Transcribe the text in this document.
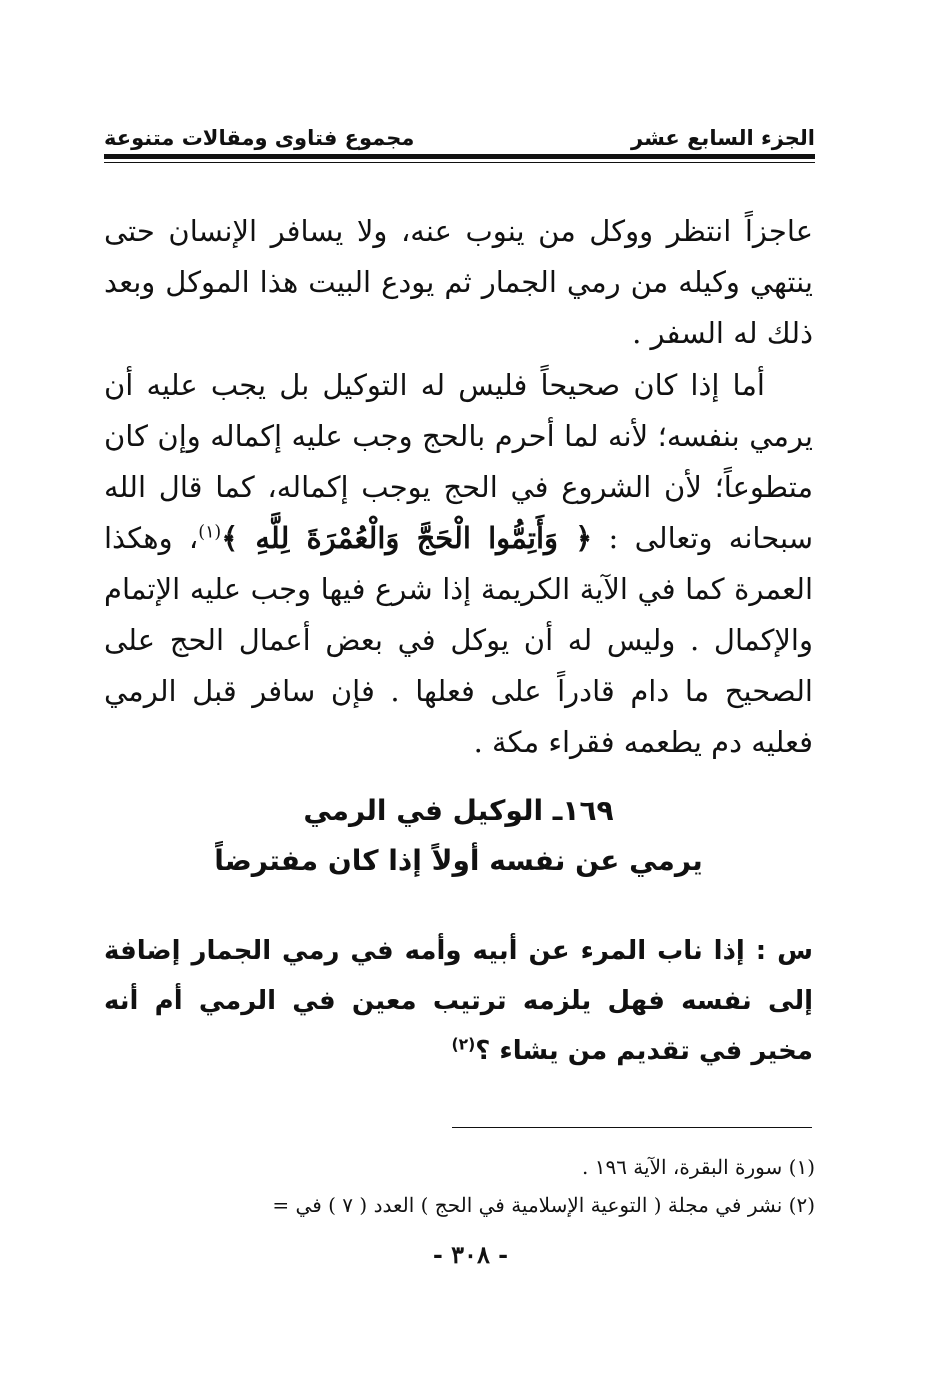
مجموع فتاوى ومقالات متنوعة	الجزء السابع عشر

عاجزاً انتظر ووكل من ينوب عنه، ولا يسافر الإنسان حتى ينتهي وكيله من رمي الجمار ثم يودع البيت هذا الموكل وبعد ذلك له السفر .

أما إذا كان صحيحاً فليس له التوكيل بل يجب عليه أن يرمي بنفسه؛ لأنه لما أحرم بالحج وجب عليه إكماله وإن كان متطوعاً؛ لأن الشروع في الحج يوجب إكماله، كما قال الله سبحانه وتعالى : ﴿ وَأَتِمُّوا الْحَجَّ وَالْعُمْرَةَ لِلَّهِ ﴾$^{(١)}$، وهكذا العمرة كما في الآية الكريمة إذا شرع فيها وجب عليه الإتمام والإكمال . وليس له أن يوكل في بعض أعمال الحج على الصحيح ما دام قادراً على فعلها . فإن سافر قبل الرمي فعليه دم يطعمه فقراء مكة .

١٦٩ـ الوكيل في الرمي
يرمي عن نفسه أولاً إذا كان مفترضاً
س : إذا ناب المرء عن أبيه وأمه في رمي الجمار إضافة إلى نفسه فهل يلزمه ترتيب معين في الرمي أم أنه مخير في تقديم من يشاء ؟$^{(٢)}$
(١) سورة البقرة، الآية ١٩٦ .
(٢) نشر في مجلة ( التوعية الإسلامية في الحج ) العدد ( ٧ ) في =
- ٣٠٨ -
